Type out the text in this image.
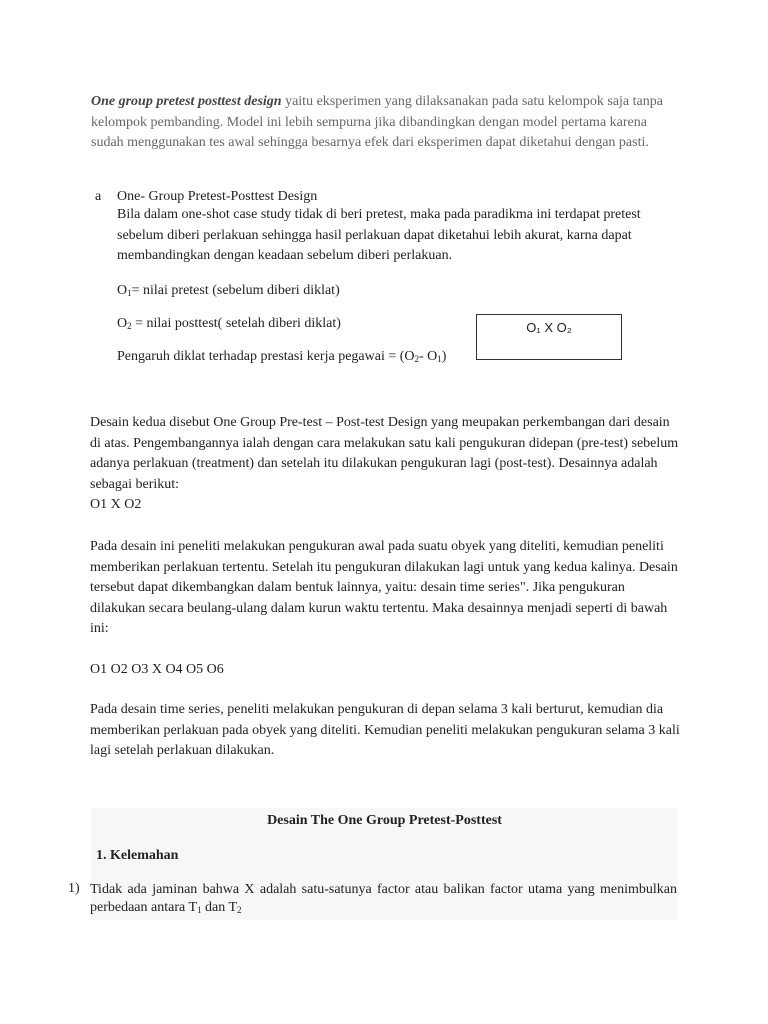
One group pretest posttest design yaitu eksperimen yang dilaksanakan pada satu kelompok saja tanpa kelompok pembanding. Model ini lebih sempurna jika dibandingkan dengan model pertama karena sudah menggunakan tes awal sehingga besarnya efek dari eksperimen dapat diketahui dengan pasti.
a One- Group Pretest-Posttest Design
Bila dalam one-shot case study tidak di beri pretest, maka pada paradikma ini terdapat pretest sebelum diberi perlakuan sehingga hasil perlakuan dapat diketahui lebih akurat, karna dapat membandingkan dengan keadaan sebelum diberi perlakuan.
$O_1=$ nilai pretest (sebelum diberi diklat)
$O_2$ = nilai posttest( setelah diberi diklat)
Pengaruh diklat terhadap prestasi kerja pegawai = ($O_2-$ $O_1$)
O₁ X O₂
Desain kedua disebut One Group Pre-test – Post-test Design yang meupakan perkembangan dari desain di atas. Pengembangannya ialah dengan cara melakukan satu kali pengukuran didepan (pre-test) sebelum adanya perlakuan (treatment) dan setelah itu dilakukan pengukuran lagi (post-test). Desainnya adalah sebagai berikut:
O1 X O2
Pada desain ini peneliti melakukan pengukuran awal pada suatu obyek yang diteliti, kemudian peneliti memberikan perlakuan tertentu. Setelah itu pengukuran dilakukan lagi untuk yang kedua kalinya. Desain tersebut dapat dikembangkan dalam bentuk lainnya, yaitu: desain time series". Jika pengukuran dilakukan secara beulang-ulang dalam kurun waktu tertentu. Maka desainnya menjadi seperti di bawah ini:
O1 O2 O3 X O4 O5 O6
Pada desain time series, peneliti melakukan pengukuran di depan selama 3 kali berturut, kemudian dia memberikan perlakuan pada obyek yang diteliti. Kemudian peneliti melakukan pengukuran selama 3 kali lagi setelah perlakuan dilakukan.
Desain The One Group Pretest-Posttest
1. Kelemahan
1) Tidak ada jaminan bahwa X adalah satu-satunya factor atau balikan factor utama yang menimbulkan perbedaan antara $T_1$ dan $T_2$
